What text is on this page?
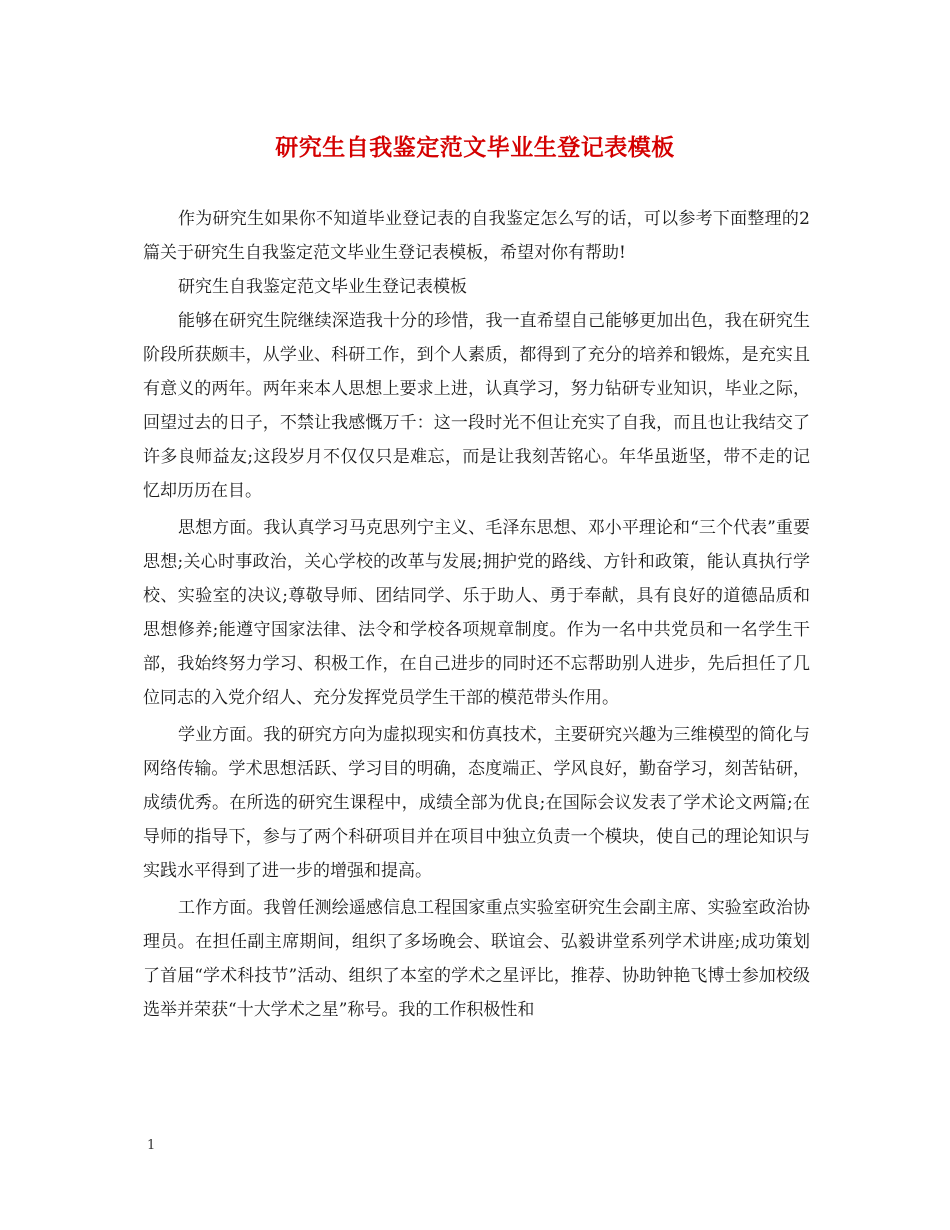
研究生自我鉴定范文毕业生登记表模板

作为研究生如果你不知道毕业登记表的自我鉴定怎么写的话，可以参考下面整理的2篇关于研究生自我鉴定范文毕业生登记表模板，希望对你有帮助!

研究生自我鉴定范文毕业生登记表模板

能够在研究生院继续深造我十分的珍惜，我一直希望自己能够更加出色，我在研究生阶段所获颇丰，从学业、科研工作，到个人素质，都得到了充分的培养和锻炼，是充实且有意义的两年。两年来本人思想上要求上进，认真学习，努力钻研专业知识，毕业之际，回望过去的日子，不禁让我感慨万千：这一段时光不但让充实了自我，而且也让我结交了许多良师益友;这段岁月不仅仅只是难忘，而是让我刻苦铭心。年华虽逝坚，带不走的记忆却历历在目。

思想方面。我认真学习马克思列宁主义、毛泽东思想、邓小平理论和“三个代表”重要思想;关心时事政治，关心学校的改革与发展;拥护党的路线、方针和政策，能认真执行学校、实验室的决议;尊敬导师、团结同学、乐于助人、勇于奉献，具有良好的道德品质和思想修养;能遵守国家法律、法令和学校各项规章制度。作为一名中共党员和一名学生干部，我始终努力学习、积极工作，在自己进步的同时还不忘帮助别人进步，先后担任了几位同志的入党介绍人、充分发挥党员学生干部的模范带头作用。

学业方面。我的研究方向为虚拟现实和仿真技术，主要研究兴趣为三维模型的简化与网络传输。学术思想活跃、学习目的明确，态度端正、学风良好，勤奋学习，刻苦钻研，成绩优秀。在所选的研究生课程中，成绩全部为优良;在国际会议发表了学术论文两篇;在导师的指导下，参与了两个科研项目并在项目中独立负责一个模块，使自己的理论知识与实践水平得到了进一步的增强和提高。

工作方面。我曾任测绘遥感信息工程国家重点实验室研究生会副主席、实验室政治协理员。在担任副主席期间，组织了多场晚会、联谊会、弘毅讲堂系列学术讲座;成功策划了首届“学术科技节”活动、组织了本室的学术之星评比，推荐、协助钟艳飞博士参加校级选举并荣获“十大学术之星”称号。我的工作积极性和

1
